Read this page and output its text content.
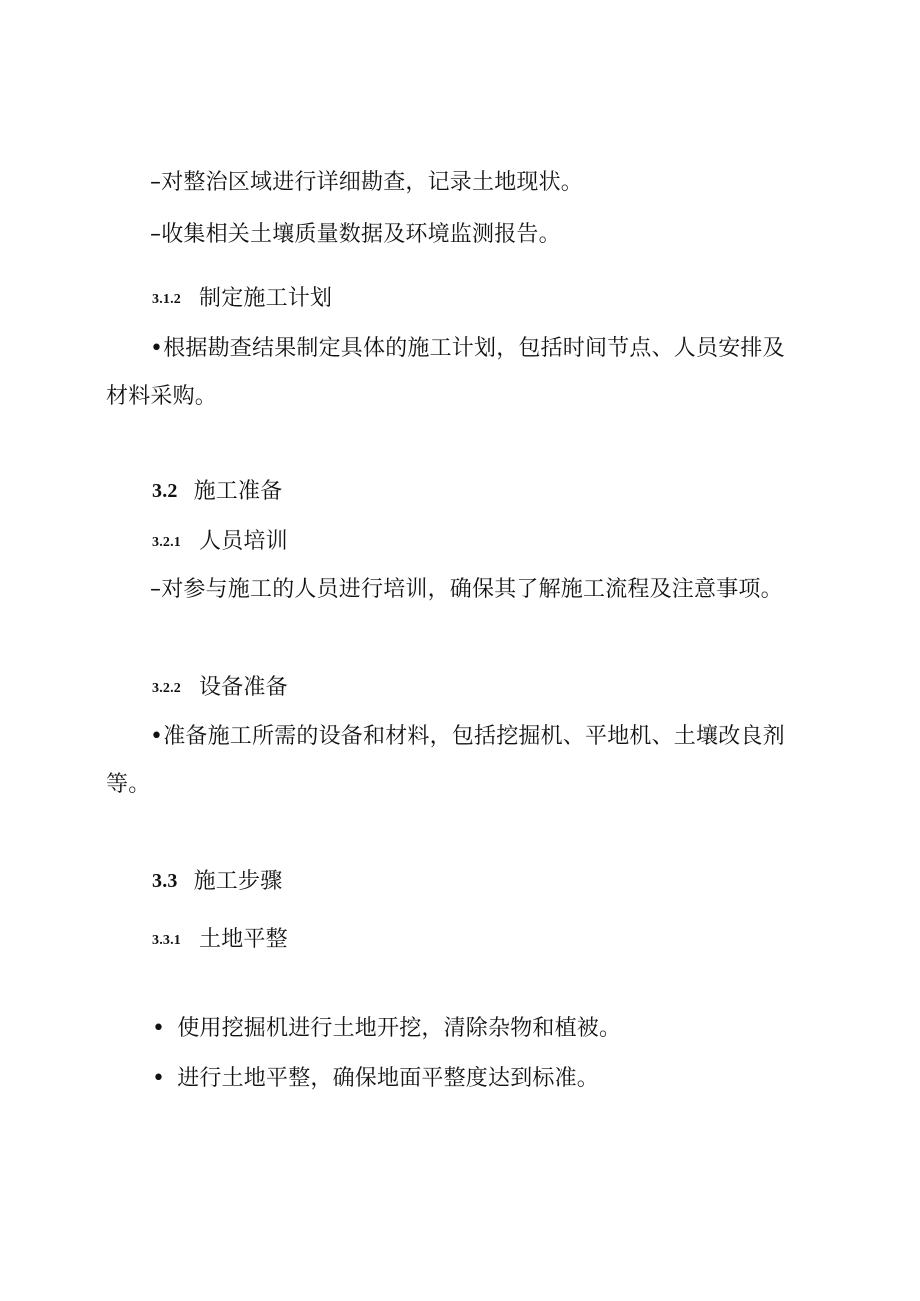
–对整治区域进行详细勘查，记录土地现状。
–收集相关土壤质量数据及环境监测报告。
3.1.2 制定施工计划
•根据勘查结果制定具体的施工计划，包括时间节点、人员安排及
材料采购。
3.2 施工准备
3.2.1 人员培训
–对参与施工的人员进行培训，确保其了解施工流程及注意事项。
3.2.2 设备准备
•准备施工所需的设备和材料，包括挖掘机、平地机、土壤改良剂
等。
3.3 施工步骤
3.3.1 土地平整
• 使用挖掘机进行土地开挖，清除杂物和植被。
• 进行土地平整，确保地面平整度达到标准。
